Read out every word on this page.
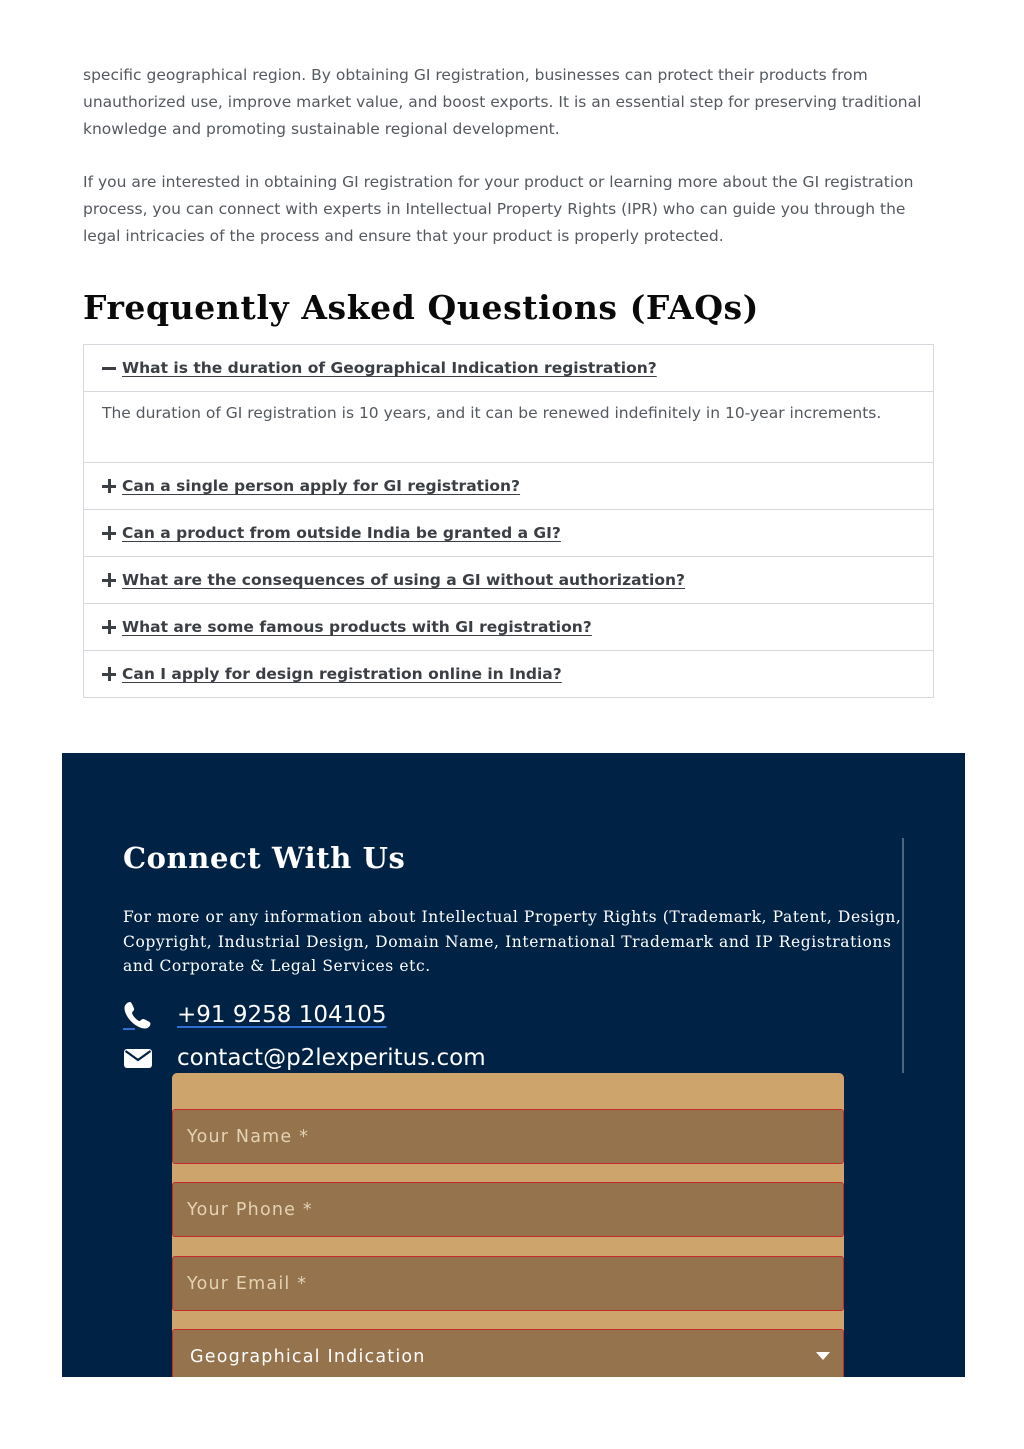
specific geographical region. By obtaining GI registration, businesses can protect their products from unauthorized use, improve market value, and boost exports. It is an essential step for preserving traditional knowledge and promoting sustainable regional development.

If you are interested in obtaining GI registration for your product or learning more about the GI registration process, you can connect with experts in Intellectual Property Rights (IPR) who can guide you through the legal intricacies of the process and ensure that your product is properly protected.

Frequently Asked Questions (FAQs)
What is the duration of Geographical Indication registration?
The duration of GI registration is 10 years, and it can be renewed indefinitely in 10-year increments.
Can a single person apply for GI registration?
Can a product from outside India be granted a GI?
What are the consequences of using a GI without authorization?
What are some famous products with GI registration?
Can I apply for design registration online in India?
Connect With Us

For more or any information about Intellectual Property Rights (Trademark, Patent, Design, Copyright, Industrial Design, Domain Name, International Trademark and IP Registrations and Corporate & Legal Services etc.

+91 9258 104105
contact@p2lexperitus.com
Your Name *
Your Phone *
Your Email *
Geographical Indication
